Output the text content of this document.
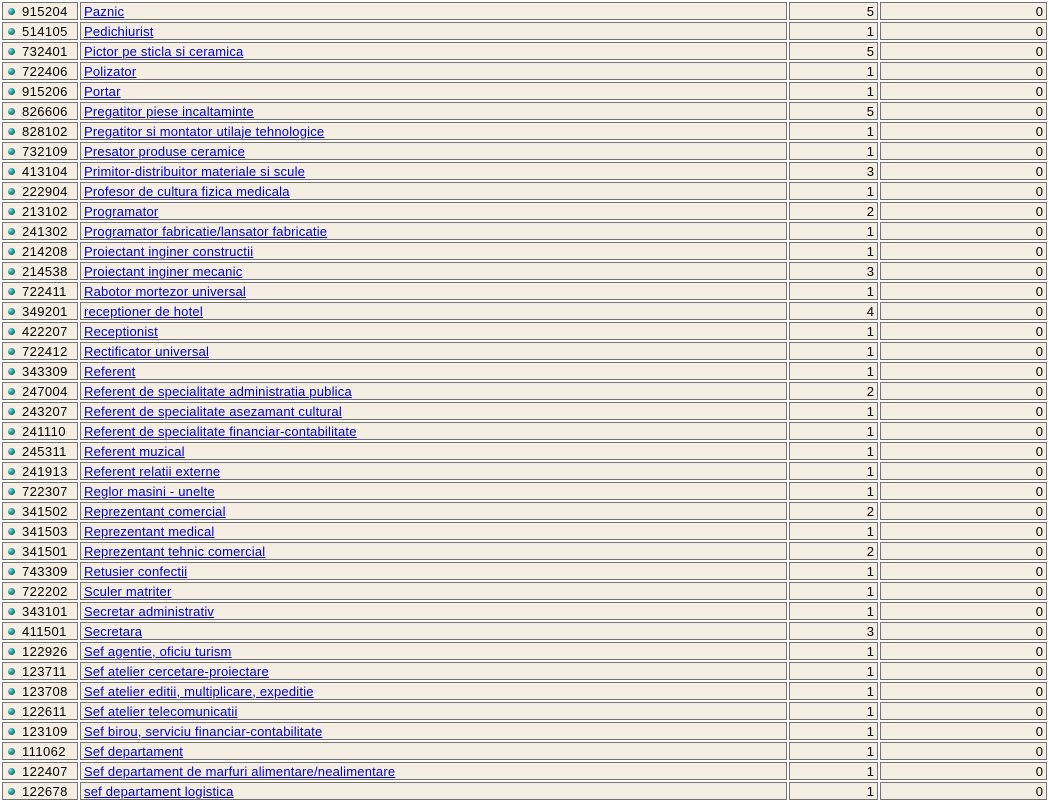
915204	Paznic	5	0

514105	Pedichiurist	1	0

732401	Pictor pe sticla si ceramica	5	0

722406	Polizator	1	0

915206	Portar	1	0

826606	Pregatitor piese incaltaminte	5	0

828102	Pregatitor si montator utilaje tehnologice	1	0

732109	Presator produse ceramice	1	0

413104	Primitor-distribuitor materiale si scule	3	0

222904	Profesor de cultura fizica medicala	1	0

213102	Programator	2	0

241302	Programator fabricatie/lansator fabricatie	1	0

214208	Proiectant inginer constructii	1	0

214538	Proiectant inginer mecanic	3	0

722411	Rabotor mortezor universal	1	0

349201	receptioner de hotel	4	0

422207	Receptionist	1	0

722412	Rectificator universal	1	0

343309	Referent	1	0

247004	Referent de specialitate administratia publica	2	0

243207	Referent de specialitate asezamant cultural	1	0

241110	Referent de specialitate financiar-contabilitate	1	0

245311	Referent muzical	1	0

241913	Referent relatii externe	1	0

722307	Reglor masini - unelte	1	0

341502	Reprezentant comercial	2	0

341503	Reprezentant medical	1	0

341501	Reprezentant tehnic comercial	2	0

743309	Retusier confectii	1	0

722202	Sculer matriter	1	0

343101	Secretar administrativ	1	0

411501	Secretara	3	0

122926	Sef agentie, oficiu turism	1	0

123711	Sef atelier cercetare-proiectare	1	0

123708	Sef atelier editii, multiplicare, expeditie	1	0

122611	Sef atelier telecomunicatii	1	0

123109	Sef birou, serviciu financiar-contabilitate	1	0

111062	Sef departament	1	0

122407	Sef departament de marfuri alimentare/nealimentare	1	0

122678	sef departament logistica	1	0
